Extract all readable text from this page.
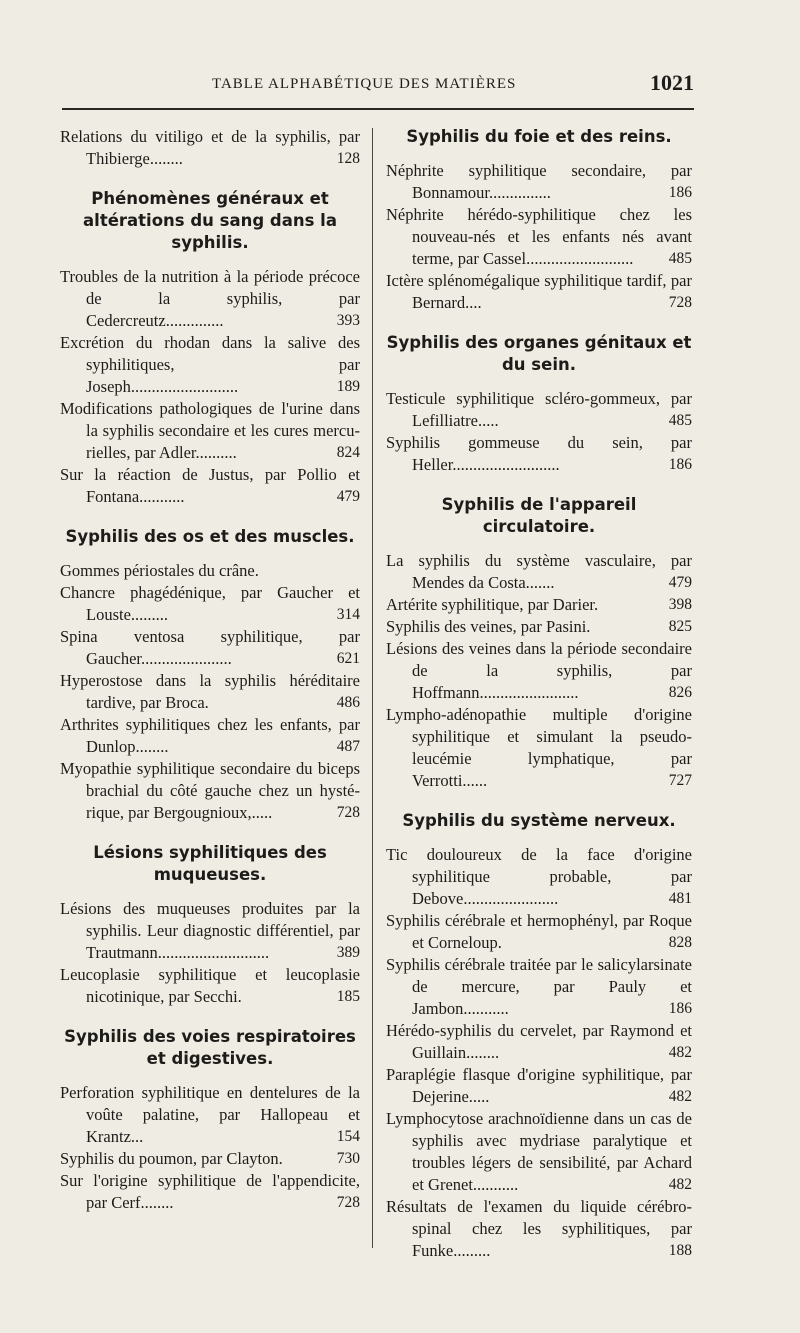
TABLE ALPHABÉTIQUE DES MATIÈRES	1021
Relations du vitiligo et de la syphilis, par Thibierge........	128
Phénomènes généraux et altérations du sang dans la syphilis.
Troubles de la nutrition à la période précoce de la syphilis, par Cedercreutz..............	393
Excrétion du rhodan dans la salive des syphilitiques, par Joseph..........................	189
Modifications pathologiques de l'urine dans la syphilis secondaire et les cures mercurielles, par Adler..........	824
Sur la réaction de Justus, par Pollio et Fontana...........	479
Syphilis des os et des muscles.
Gommes périostales du crâne.
Chancre phagédénique, par Gaucher et Louste.........	314
Spina ventosa syphilitique, par Gaucher......................	621
Hyperostose dans la syphilis héréditaire tardive, par Broca.	486
Arthrites syphilitiques chez les enfants, par Dunlop........	487
Myopathie syphilitique secondaire du biceps brachial du côté gauche chez un hystérique, par Bergougnioux,.....	728
Lésions syphilitiques des muqueuses.
Lésions des muqueuses produites par la syphilis. Leur diagnostic différentiel, par Trautmann...........................	389
Leucoplasie syphilitique et leucoplasie nicotinique, par Secchi.	185
Syphilis des voies respiratoires et digestives.
Perforation syphilitique en dentelures de la voûte palatine, par Hallopeau et Krantz...	154
Syphilis du poumon, par Clayton.	730
Sur l'origine syphilitique de l'appendicite, par Cerf........	728
Syphilis du foie et des reins.
Néphrite syphilitique secondaire, par Bonnamour...............	186
Néphrite hérédo-syphilitique chez les nouveau-nés et les enfants nés avant terme, par Cassel.......................... 485
Ictère splénomégalique syphilitique tardif, par Bernard....	728
Syphilis des organes génitaux et du sein.
Testicule syphilitique scléro-gommeux, par Lefilliatre.....	485
Syphilis gommeuse du sein, par Heller..........................	186
Syphilis de l'appareil circulatoire.
La syphilis du système vasculaire, par Mendes da Costa.......	479
Artérite syphilitique, par Darier.	398
Syphilis des veines, par Pasini.	825
Lésions des veines dans la période secondaire de la syphilis, par Hoffmann........................	826
Lympho-adénopathie multiple d'origine syphilitique et simulant la pseudo-leucémie lymphatique, par Verrotti......	727
Syphilis du système nerveux.
Tic douloureux de la face d'origine syphilitique probable, par Debove.......................	481
Syphilis cérébrale et hermophényl, par Roque et Corneloup.	828
Syphilis cérébrale traitée par le salicylarsinate de mercure, par Pauly et Jambon...........	186
Hérédo-syphilis du cervelet, par Raymond et Guillain........	482
Paraplégie flasque d'origine syphilitique, par Dejerine.....	482
Lymphocytose arachnoïdienne dans un cas de syphilis avec mydriase paralytique et troubles légers de sensibilité, par Achard et Grenet...........	482
Résultats de l'examen du liquide cérébro-spinal chez les syphilitiques, par Funke.........	188
